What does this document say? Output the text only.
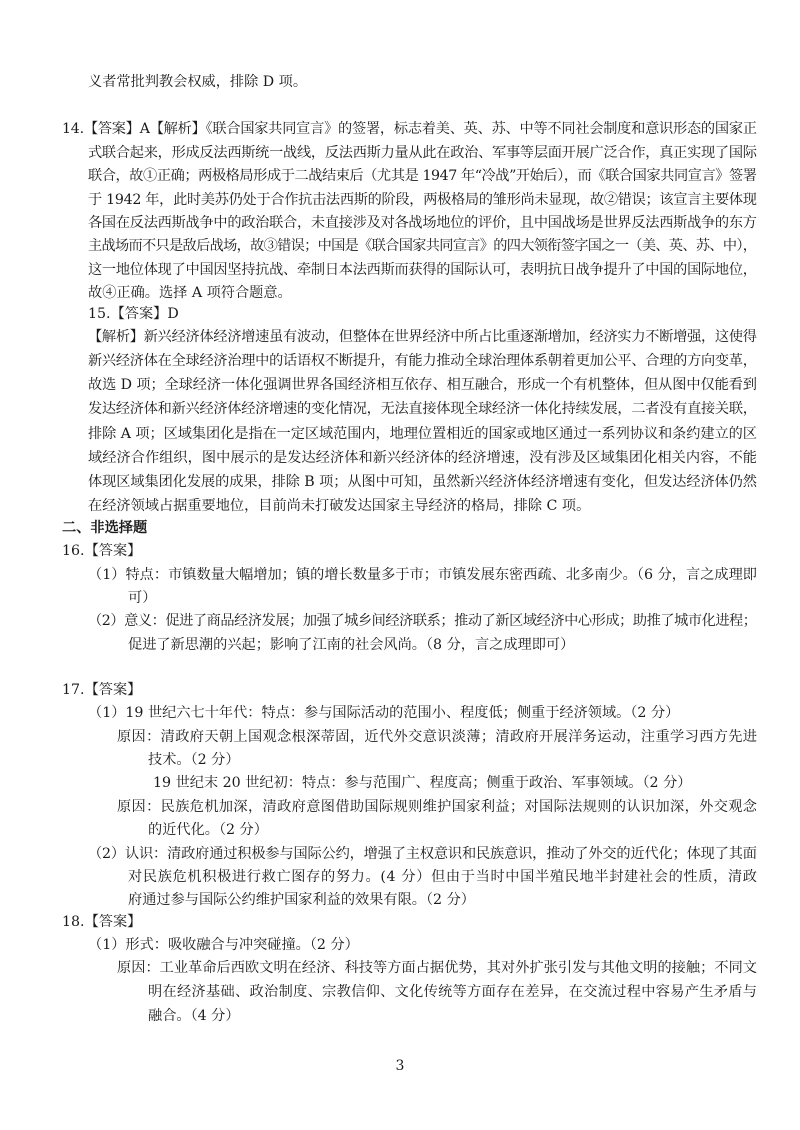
义者常批判教会权威，排除 D 项。
14.【答案】A【解析】《联合国家共同宣言》的签署，标志着美、英、苏、中等不同社会制度和意识形态的国家正
式联合起来，形成反法西斯统一战线，反法西斯力量从此在政治、军事等层面开展广泛合作，真正实现了国际
联合，故①正确；两极格局形成于二战结束后（尤其是 1947 年“冷战”开始后），而《联合国家共同宣言》签署
于 1942 年，此时美苏仍处于合作抗击法西斯的阶段，两极格局的雏形尚未显现，故②错误；该宣言主要体现
各国在反法西斯战争中的政治联合，未直接涉及对各战场地位的评价，且中国战场是世界反法西斯战争的东方
主战场而不只是敌后战场，故③错误；中国是《联合国家共同宣言》的四大领衔签字国之一（美、英、苏、中），
这一地位体现了中国因坚持抗战、牵制日本法西斯而获得的国际认可，表明抗日战争提升了中国的国际地位，
故④正确。选择 A 项符合题意。
15.【答案】D
【解析】新兴经济体经济增速虽有波动，但整体在世界经济中所占比重逐渐增加，经济实力不断增强，这使得
新兴经济体在全球经济治理中的话语权不断提升，有能力推动全球治理体系朝着更加公平、合理的方向变革，
故选 D 项；全球经济一体化强调世界各国经济相互依存、相互融合，形成一个有机整体，但从图中仅能看到
发达经济体和新兴经济体经济增速的变化情况，无法直接体现全球经济一体化持续发展，二者没有直接关联，
排除 A 项；区域集团化是指在一定区域范围内，地理位置相近的国家或地区通过一系列协议和条约建立的区
域经济合作组织，图中展示的是发达经济体和新兴经济体的经济增速，没有涉及区域集团化相关内容，不能
体现区域集团化发展的成果，排除 B 项；从图中可知，虽然新兴经济体经济增速有变化，但发达经济体仍然
在经济领域占据重要地位，目前尚未打破发达国家主导经济的格局，排除 C 项。
二、非选择题
16.【答案】
（1）特点：市镇数量大幅增加；镇的增长数量多于市；市镇发展东密西疏、北多南少。（6 分，言之成理即
可）
（2）意义：促进了商品经济发展；加强了城乡间经济联系；推动了新区域经济中心形成；助推了城市化进程；
促进了新思潮的兴起；影响了江南的社会风尚。（8 分，言之成理即可）
17.【答案】
（1）19 世纪六七十年代：特点：参与国际活动的范围小、程度低；侧重于经济领域。（2 分）
原因：清政府天朝上国观念根深蒂固，近代外交意识淡薄；清政府开展洋务运动，注重学习西方先进
技术。（2 分）
19 世纪末 20 世纪初：特点：参与范围广、程度高；侧重于政治、军事领域。（2 分）
原因：民族危机加深，清政府意图借助国际规则维护国家利益；对国际法规则的认识加深，外交观念
的近代化。（2 分）
（2）认识：清政府通过积极参与国际公约，增强了主权意识和民族意识，推动了外交的近代化；体现了其面
对民族危机积极进行救亡图存的努力。(4 分）但由于当时中国半殖民地半封建社会的性质，清政
府通过参与国际公约维护国家利益的效果有限。（2 分）
18.【答案】
（1）形式：吸收融合与冲突碰撞。（2 分）
原因：工业革命后西欧文明在经济、科技等方面占据优势，其对外扩张引发与其他文明的接触；不同文
明在经济基础、政治制度、宗教信仰、文化传统等方面存在差异，在交流过程中容易产生矛盾与
融合。（4 分）
3
